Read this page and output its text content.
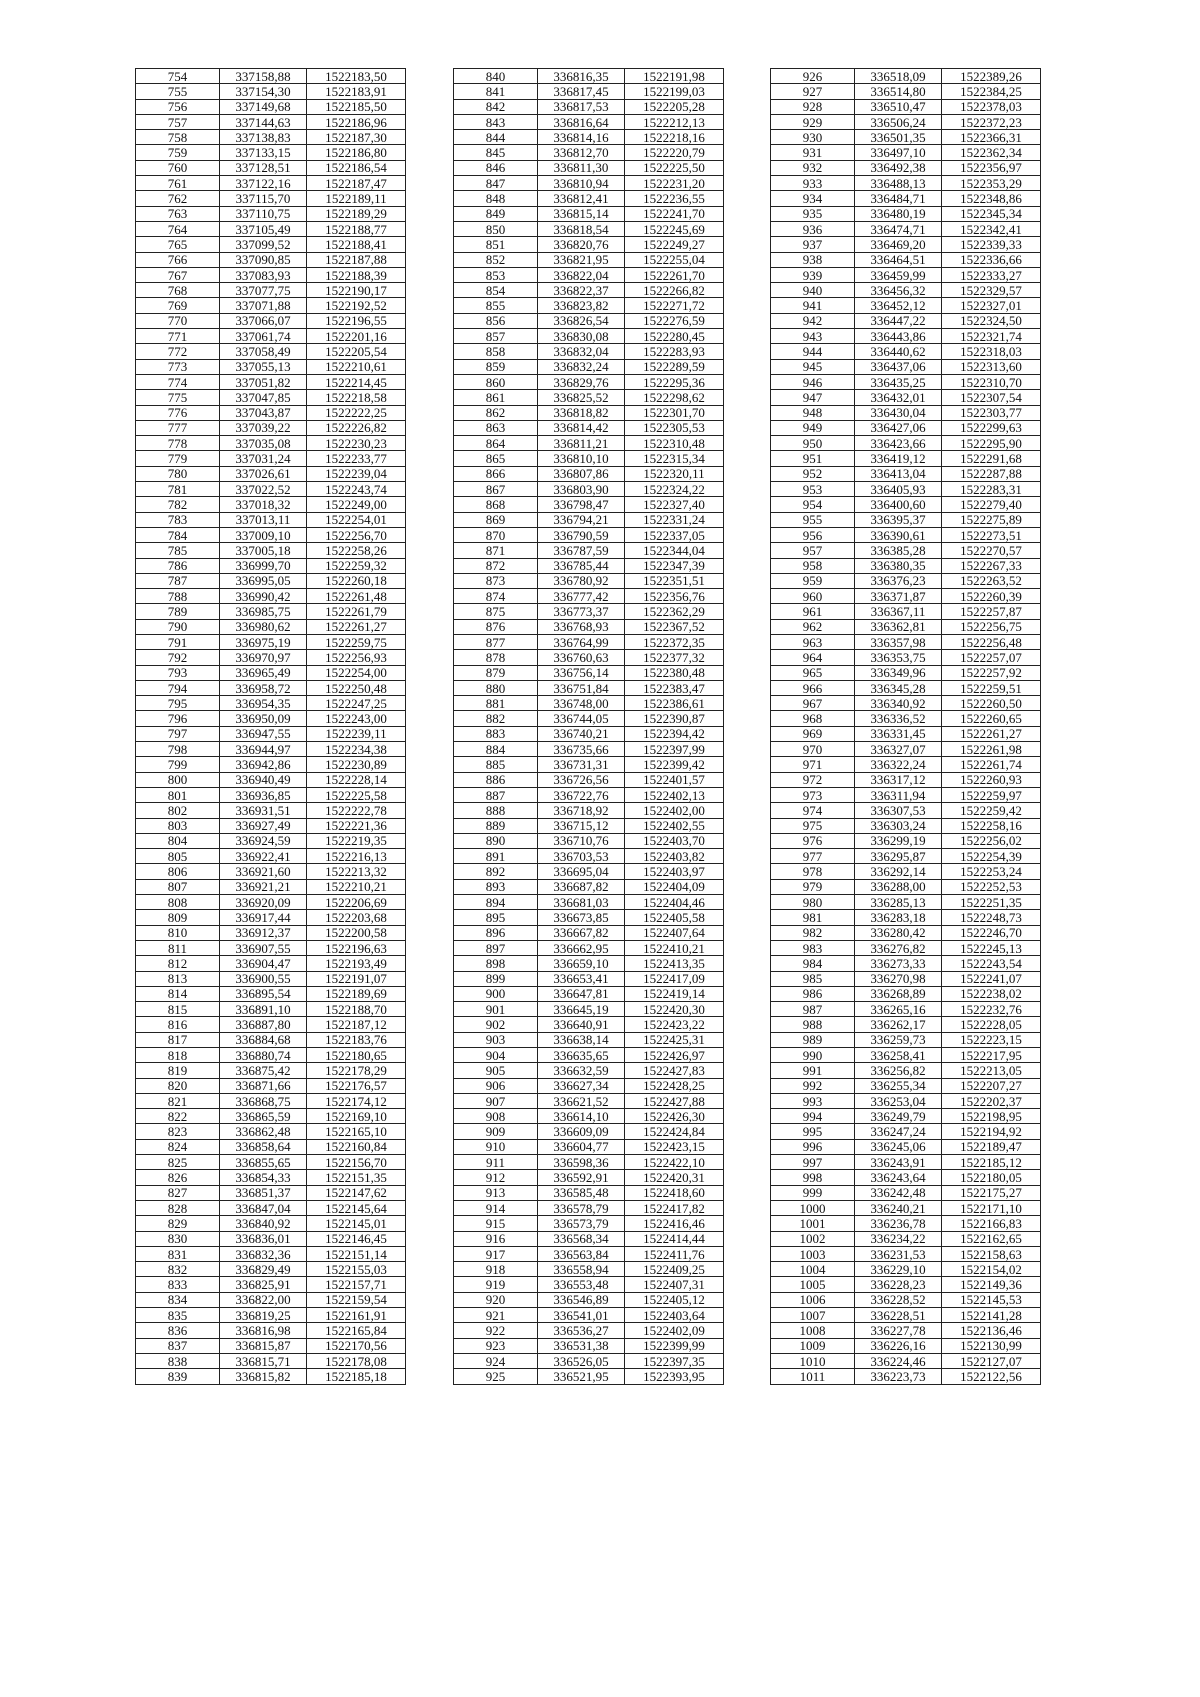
754	337158,88	1522183,50
755	337154,30	1522183,91
756	337149,68	1522185,50
757	337144,63	1522186,96
758	337138,83	1522187,30
759	337133,15	1522186,80
760	337128,51	1522186,54
761	337122,16	1522187,47
762	337115,70	1522189,11
763	337110,75	1522189,29
764	337105,49	1522188,77
765	337099,52	1522188,41
766	337090,85	1522187,88
767	337083,93	1522188,39
768	337077,75	1522190,17
769	337071,88	1522192,52
770	337066,07	1522196,55
771	337061,74	1522201,16
772	337058,49	1522205,54
773	337055,13	1522210,61
774	337051,82	1522214,45
775	337047,85	1522218,58
776	337043,87	1522222,25
777	337039,22	1522226,82
778	337035,08	1522230,23
779	337031,24	1522233,77
780	337026,61	1522239,04
781	337022,52	1522243,74
782	337018,32	1522249,00
783	337013,11	1522254,01
784	337009,10	1522256,70
785	337005,18	1522258,26
786	336999,70	1522259,32
787	336995,05	1522260,18
788	336990,42	1522261,48
789	336985,75	1522261,79
790	336980,62	1522261,27
791	336975,19	1522259,75
792	336970,97	1522256,93
793	336965,49	1522254,00
794	336958,72	1522250,48
795	336954,35	1522247,25
796	336950,09	1522243,00
797	336947,55	1522239,11
798	336944,97	1522234,38
799	336942,86	1522230,89
800	336940,49	1522228,14
801	336936,85	1522225,58
802	336931,51	1522222,78
803	336927,49	1522221,36
804	336924,59	1522219,35
805	336922,41	1522216,13
806	336921,60	1522213,32
807	336921,21	1522210,21
808	336920,09	1522206,69
809	336917,44	1522203,68
810	336912,37	1522200,58
811	336907,55	1522196,63
812	336904,47	1522193,49
813	336900,55	1522191,07
814	336895,54	1522189,69
815	336891,10	1522188,70
816	336887,80	1522187,12
817	336884,68	1522183,76
818	336880,74	1522180,65
819	336875,42	1522178,29
820	336871,66	1522176,57
821	336868,75	1522174,12
822	336865,59	1522169,10
823	336862,48	1522165,10
824	336858,64	1522160,84
825	336855,65	1522156,70
826	336854,33	1522151,35
827	336851,37	1522147,62
828	336847,04	1522145,64
829	336840,92	1522145,01
830	336836,01	1522146,45
831	336832,36	1522151,14
832	336829,49	1522155,03
833	336825,91	1522157,71
834	336822,00	1522159,54
835	336819,25	1522161,91
836	336816,98	1522165,84
837	336815,87	1522170,56
838	336815,71	1522178,08
839	336815,82	1522185,18
840	336816,35	1522191,98
841	336817,45	1522199,03
842	336817,53	1522205,28
843	336816,64	1522212,13
844	336814,16	1522218,16
845	336812,70	1522220,79
846	336811,30	1522225,50
847	336810,94	1522231,20
848	336812,41	1522236,55
849	336815,14	1522241,70
850	336818,54	1522245,69
851	336820,76	1522249,27
852	336821,95	1522255,04
853	336822,04	1522261,70
854	336822,37	1522266,82
855	336823,82	1522271,72
856	336826,54	1522276,59
857	336830,08	1522280,45
858	336832,04	1522283,93
859	336832,24	1522289,59
860	336829,76	1522295,36
861	336825,52	1522298,62
862	336818,82	1522301,70
863	336814,42	1522305,53
864	336811,21	1522310,48
865	336810,10	1522315,34
866	336807,86	1522320,11
867	336803,90	1522324,22
868	336798,47	1522327,40
869	336794,21	1522331,24
870	336790,59	1522337,05
871	336787,59	1522344,04
872	336785,44	1522347,39
873	336780,92	1522351,51
874	336777,42	1522356,76
875	336773,37	1522362,29
876	336768,93	1522367,52
877	336764,99	1522372,35
878	336760,63	1522377,32
879	336756,14	1522380,48
880	336751,84	1522383,47
881	336748,00	1522386,61
882	336744,05	1522390,87
883	336740,21	1522394,42
884	336735,66	1522397,99
885	336731,31	1522399,42
886	336726,56	1522401,57
887	336722,76	1522402,13
888	336718,92	1522402,00
889	336715,12	1522402,55
890	336710,76	1522403,70
891	336703,53	1522403,82
892	336695,04	1522403,97
893	336687,82	1522404,09
894	336681,03	1522404,46
895	336673,85	1522405,58
896	336667,82	1522407,64
897	336662,95	1522410,21
898	336659,10	1522413,35
899	336653,41	1522417,09
900	336647,81	1522419,14
901	336645,19	1522420,30
902	336640,91	1522423,22
903	336638,14	1522425,31
904	336635,65	1522426,97
905	336632,59	1522427,83
906	336627,34	1522428,25
907	336621,52	1522427,88
908	336614,10	1522426,30
909	336609,09	1522424,84
910	336604,77	1522423,15
911	336598,36	1522422,10
912	336592,91	1522420,31
913	336585,48	1522418,60
914	336578,79	1522417,82
915	336573,79	1522416,46
916	336568,34	1522414,44
917	336563,84	1522411,76
918	336558,94	1522409,25
919	336553,48	1522407,31
920	336546,89	1522405,12
921	336541,01	1522403,64
922	336536,27	1522402,09
923	336531,38	1522399,99
924	336526,05	1522397,35
925	336521,95	1522393,95
926	336518,09	1522389,26
927	336514,80	1522384,25
928	336510,47	1522378,03
929	336506,24	1522372,23
930	336501,35	1522366,31
931	336497,10	1522362,34
932	336492,38	1522356,97
933	336488,13	1522353,29
934	336484,71	1522348,86
935	336480,19	1522345,34
936	336474,71	1522342,41
937	336469,20	1522339,33
938	336464,51	1522336,66
939	336459,99	1522333,27
940	336456,32	1522329,57
941	336452,12	1522327,01
942	336447,22	1522324,50
943	336443,86	1522321,74
944	336440,62	1522318,03
945	336437,06	1522313,60
946	336435,25	1522310,70
947	336432,01	1522307,54
948	336430,04	1522303,77
949	336427,06	1522299,63
950	336423,66	1522295,90
951	336419,12	1522291,68
952	336413,04	1522287,88
953	336405,93	1522283,31
954	336400,60	1522279,40
955	336395,37	1522275,89
956	336390,61	1522273,51
957	336385,28	1522270,57
958	336380,35	1522267,33
959	336376,23	1522263,52
960	336371,87	1522260,39
961	336367,11	1522257,87
962	336362,81	1522256,75
963	336357,98	1522256,48
964	336353,75	1522257,07
965	336349,96	1522257,92
966	336345,28	1522259,51
967	336340,92	1522260,50
968	336336,52	1522260,65
969	336331,45	1522261,27
970	336327,07	1522261,98
971	336322,24	1522261,74
972	336317,12	1522260,93
973	336311,94	1522259,97
974	336307,53	1522259,42
975	336303,24	1522258,16
976	336299,19	1522256,02
977	336295,87	1522254,39
978	336292,14	1522253,24
979	336288,00	1522252,53
980	336285,13	1522251,35
981	336283,18	1522248,73
982	336280,42	1522246,70
983	336276,82	1522245,13
984	336273,33	1522243,54
985	336270,98	1522241,07
986	336268,89	1522238,02
987	336265,16	1522232,76
988	336262,17	1522228,05
989	336259,73	1522223,15
990	336258,41	1522217,95
991	336256,82	1522213,05
992	336255,34	1522207,27
993	336253,04	1522202,37
994	336249,79	1522198,95
995	336247,24	1522194,92
996	336245,06	1522189,47
997	336243,91	1522185,12
998	336243,64	1522180,05
999	336242,48	1522175,27
1000	336240,21	1522171,10
1001	336236,78	1522166,83
1002	336234,22	1522162,65
1003	336231,53	1522158,63
1004	336229,10	1522154,02
1005	336228,23	1522149,36
1006	336228,52	1522145,53
1007	336228,51	1522141,28
1008	336227,78	1522136,46
1009	336226,16	1522130,99
1010	336224,46	1522127,07
1011	336223,73	1522122,56
